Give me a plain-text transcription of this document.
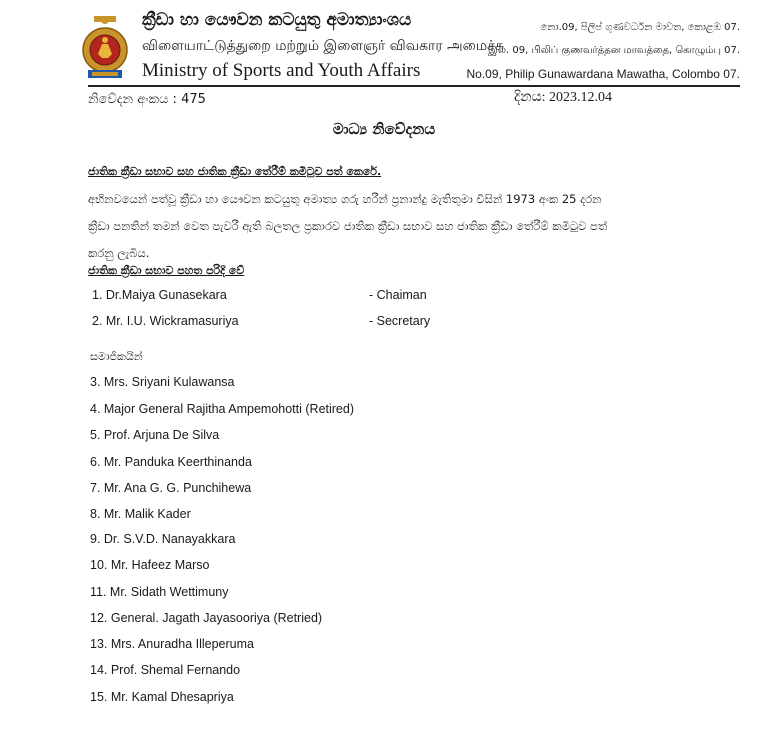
ක්‍රීඩා හා යෞවන කටයුතු අමාත්‍යාංශය
விளையாட்டுத்துறை மற்றும் இளைஞர் விவகார அமைச்சு
Ministry of Sports and Youth Affairs
නො.09, පිලිප් ගුණවර්ධන මාවත, කොළඹ 07.
இல. 09, பிலிப் குணவர்த்தன மாவத்தை, கொழும்பு 07.
No.09, Philip Gunawardana Mawatha, Colombo 07.
නිවේදන අංකය : 475	දිනය: 2023.12.04
මාධ්‍ය නිවේදනය
ජාතික ක්‍රීඩා සභාව සහ ජාතික ක්‍රීඩා තේරීම් කමිටුව පත් කෙරේ.
අභිනවයෙන් පත්වූ ක්‍රීඩා හා යෞවන කටයුතු අමාත්‍ය ගරු හරීන් ප්‍රනාන්දු මැතිතුමා විසින් 1973 අංක 25 දරන
ක්‍රීඩා පනතින් තමන් වෙත පැවරී ඇති බලතල ප්‍රකාරව ජාතික ක්‍රීඩා සභාව සහ ජාතික ක්‍රීඩා තේරීම් කමිටුව පත්
කරනු ලැබිය.
ජාතික ක්‍රීඩා සභාව පහත පරිදි වේ
1. Dr.Maiya Gunasekara	- Chaiman
2. Mr. I.U. Wickramasuriya	- Secretary
සමාජිකයින්
3. Mrs. Sriyani Kulawansa
4. Major General Rajitha Ampemohotti (Retired)
5. Prof. Arjuna De Silva
6. Mr. Panduka Keerthinanda
7. Mr. Ana G. G. Punchihewa
8. Mr. Malik Kader
9. Dr. S.V.D. Nanayakkara
10. Mr. Hafeez Marso
11. Mr. Sidath Wettimuny
12. General. Jagath Jayasooriya (Retried)
13. Mrs. Anuradha Illeperuma
14. Prof. Shemal Fernando
15. Mr. Kamal Dhesapriya
